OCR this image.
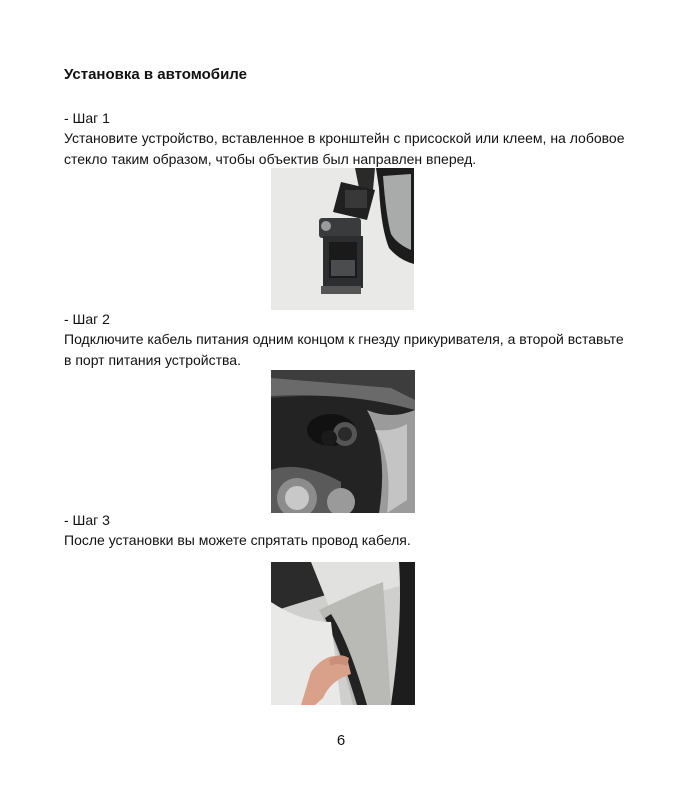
Установка в автомобиле
- Шаг 1
Установите устройство, вставленное в кронштейн с присоской или клеем, на лобовое стекло таким образом, чтобы объектив был направлен вперед.
- Шаг 2
Подключите кабель питания одним концом к гнезду прикуривателя, а второй вставьте в порт питания устройства.
- Шаг 3
После установки вы можете спрятать провод кабеля.
6
